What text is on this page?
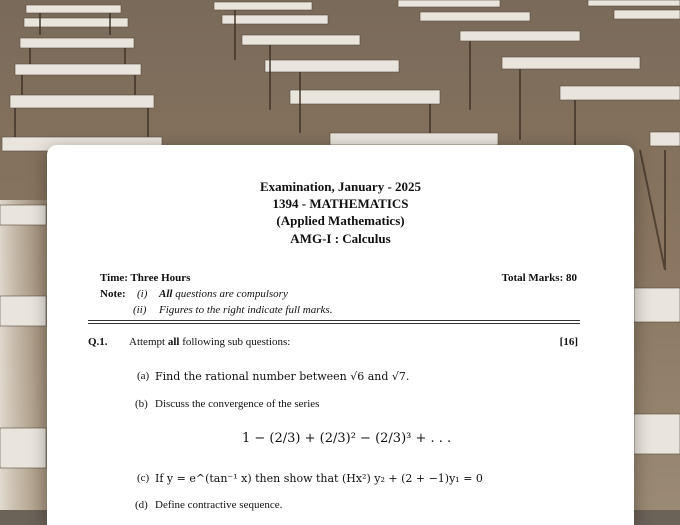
Examination, January - 2025
1394 - MATHEMATICS
(Applied Mathematics)
AMG-I : Calculus
Time: Three Hours	Total Marks: 80
Note: (i) All questions are compulsory
(ii) Figures to the right indicate full marks.
Q.1. Attempt all following sub questions:	[16]
(a) Find the rational number between √6 and √7.
(b) Discuss the convergence of the series
1 − (2/3) + (2/3)² − (2/3)³ + . . .
(c) If y = e^(tan⁻¹ x) then show that (Hx²) y₂ + (2 + −1)y₁ = 0
(d) Define contractive sequence.
